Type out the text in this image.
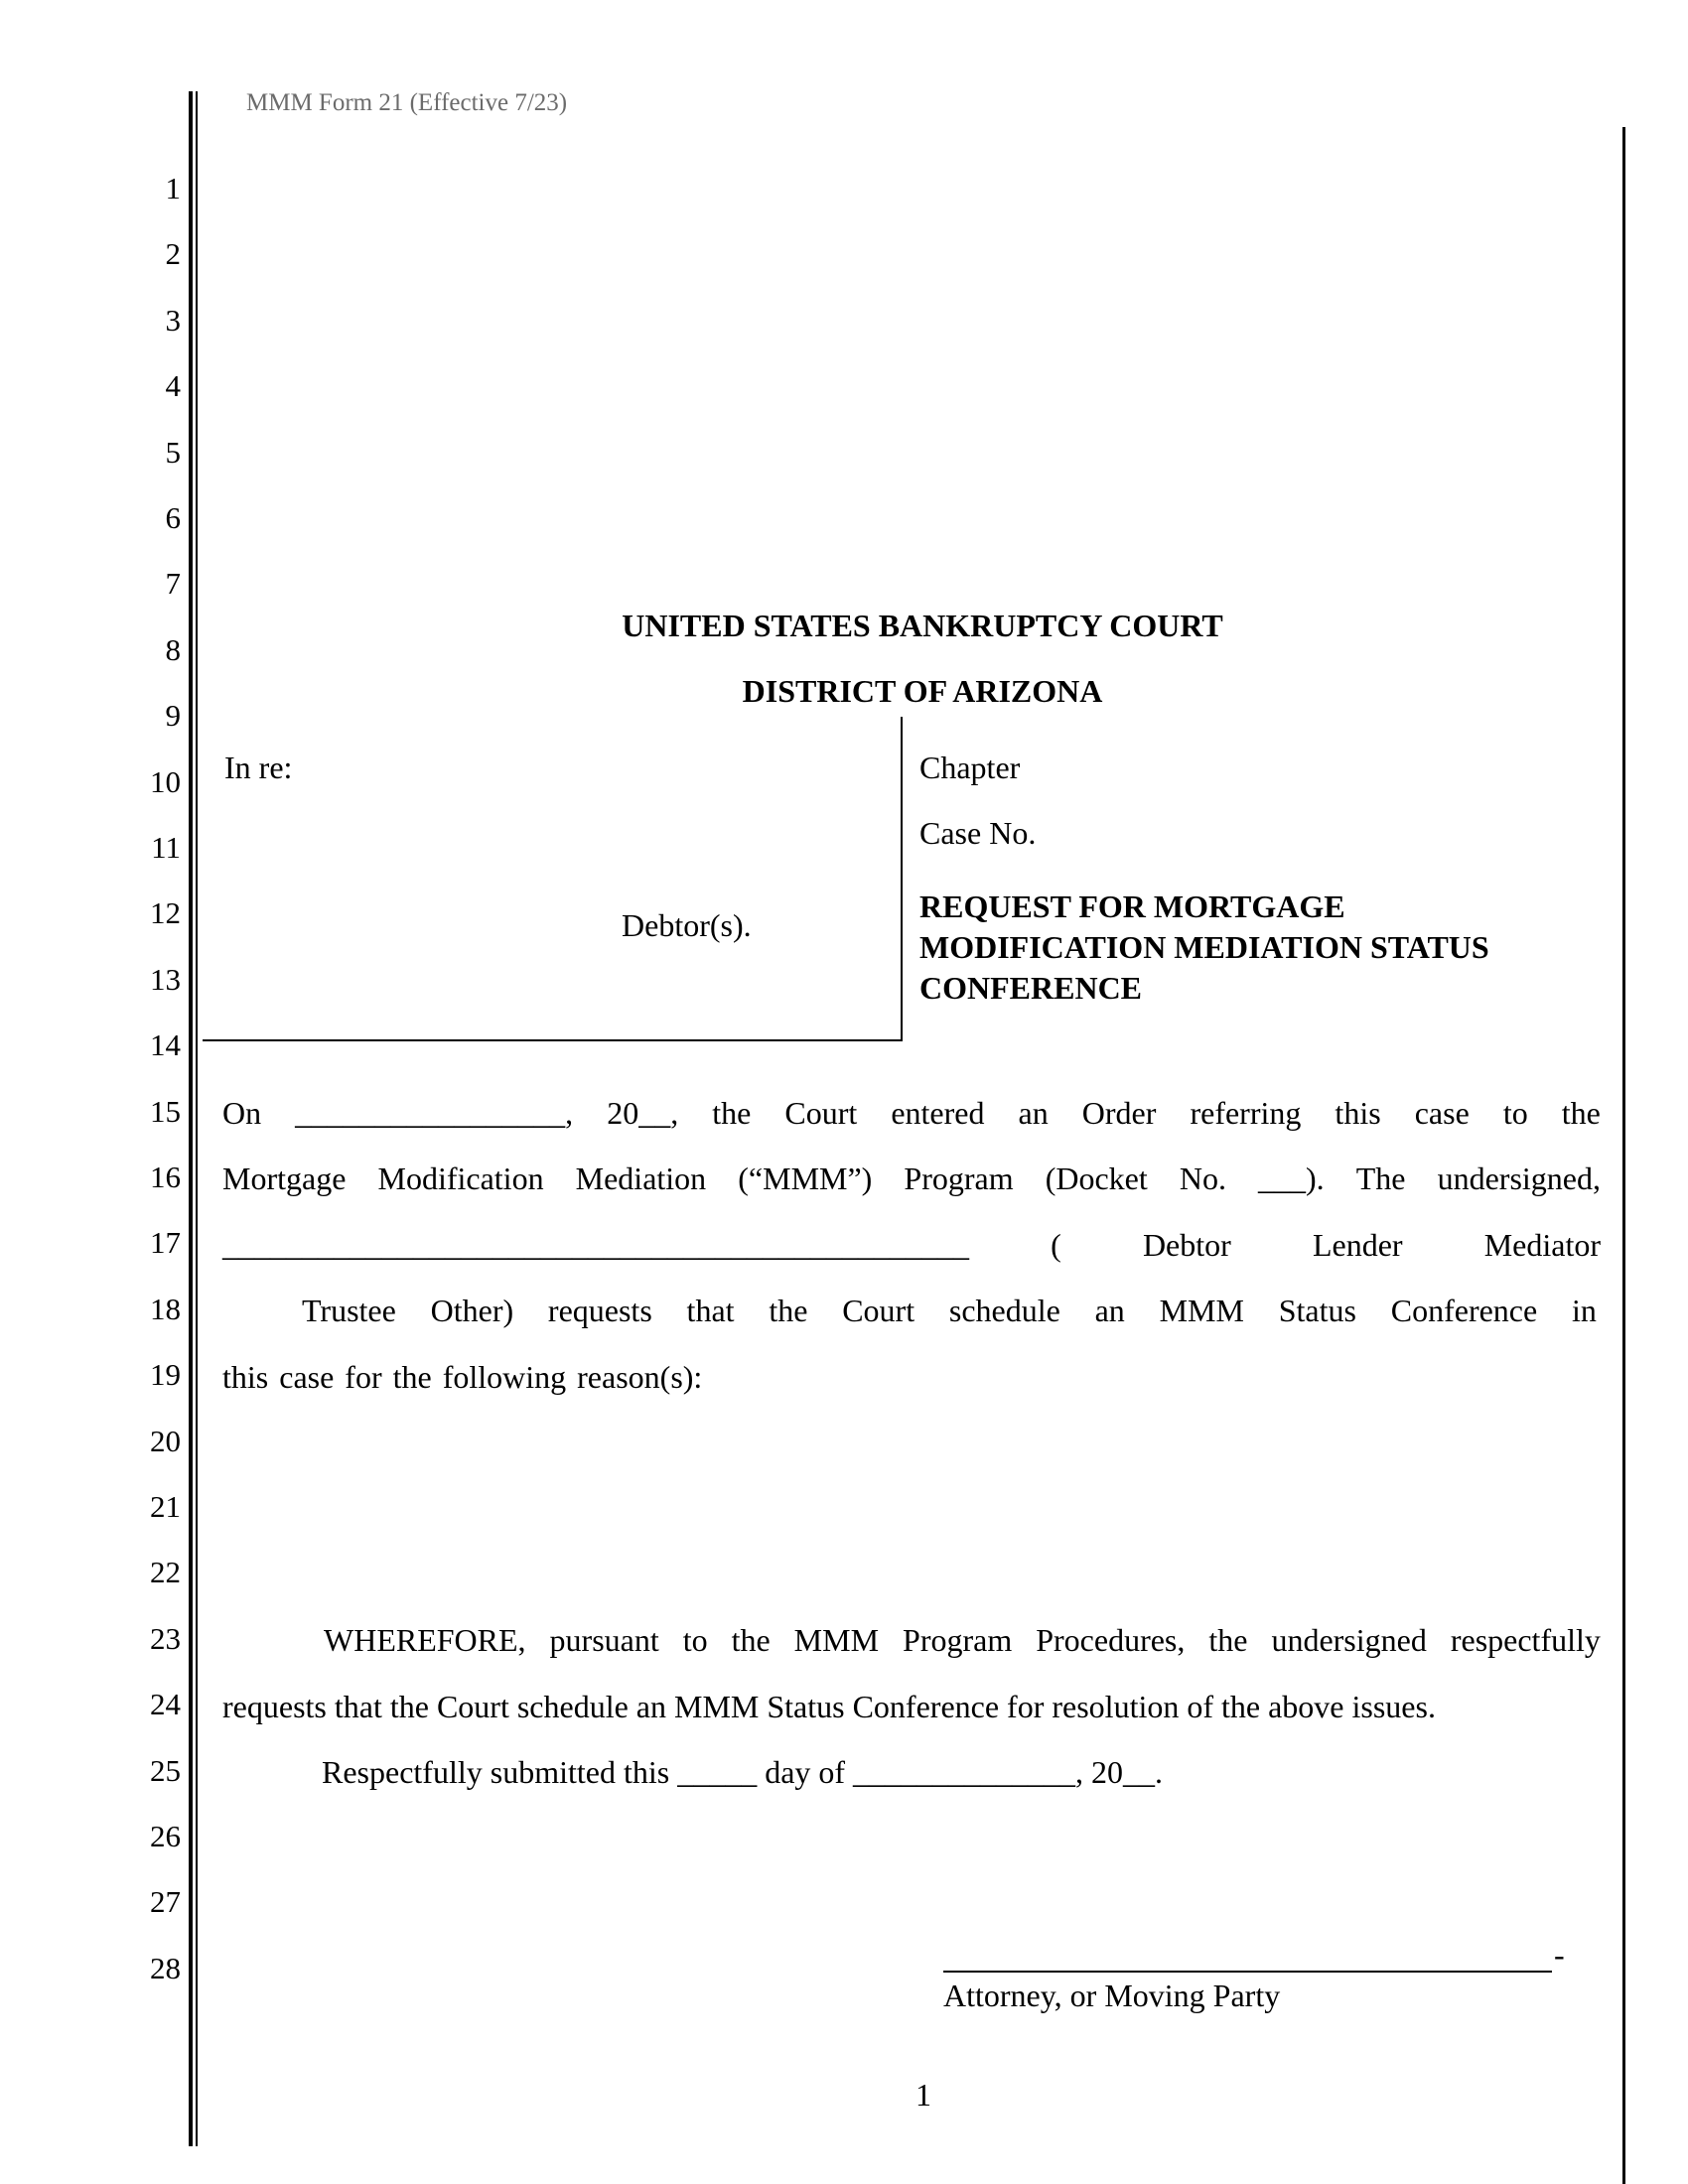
MMM Form 21 (Effective 7/23)
1
2
3
4
5
6
7
8
9
10
11
12
13
14
15
16
17
18
19
20
21
22
23
24
25
26
27
28
UNITED STATES BANKRUPTCY COURT
DISTRICT OF ARIZONA
In re:
Debtor(s).
Chapter
Case No.
REQUEST FOR MORTGAGE
MODIFICATION MEDIATION STATUS
CONFERENCE
On _________________, 20__, the Court entered an Order referring this case to the
Mortgage Modification Mediation (“MMM”) Program (Docket No. ___). The undersigned,
_______________________________________________	(	Debtor	Lender	Mediator
Trustee Other) requests that the Court schedule an MMM Status Conference in
this case for the following reason(s):
WHEREFORE, pursuant to the MMM Program Procedures, the undersigned respectfully
requests that the Court schedule an MMM Status Conference for resolution of the above issues.
Respectfully submitted this _____ day of ______________, 20__.
-
Attorney, or Moving Party
1
